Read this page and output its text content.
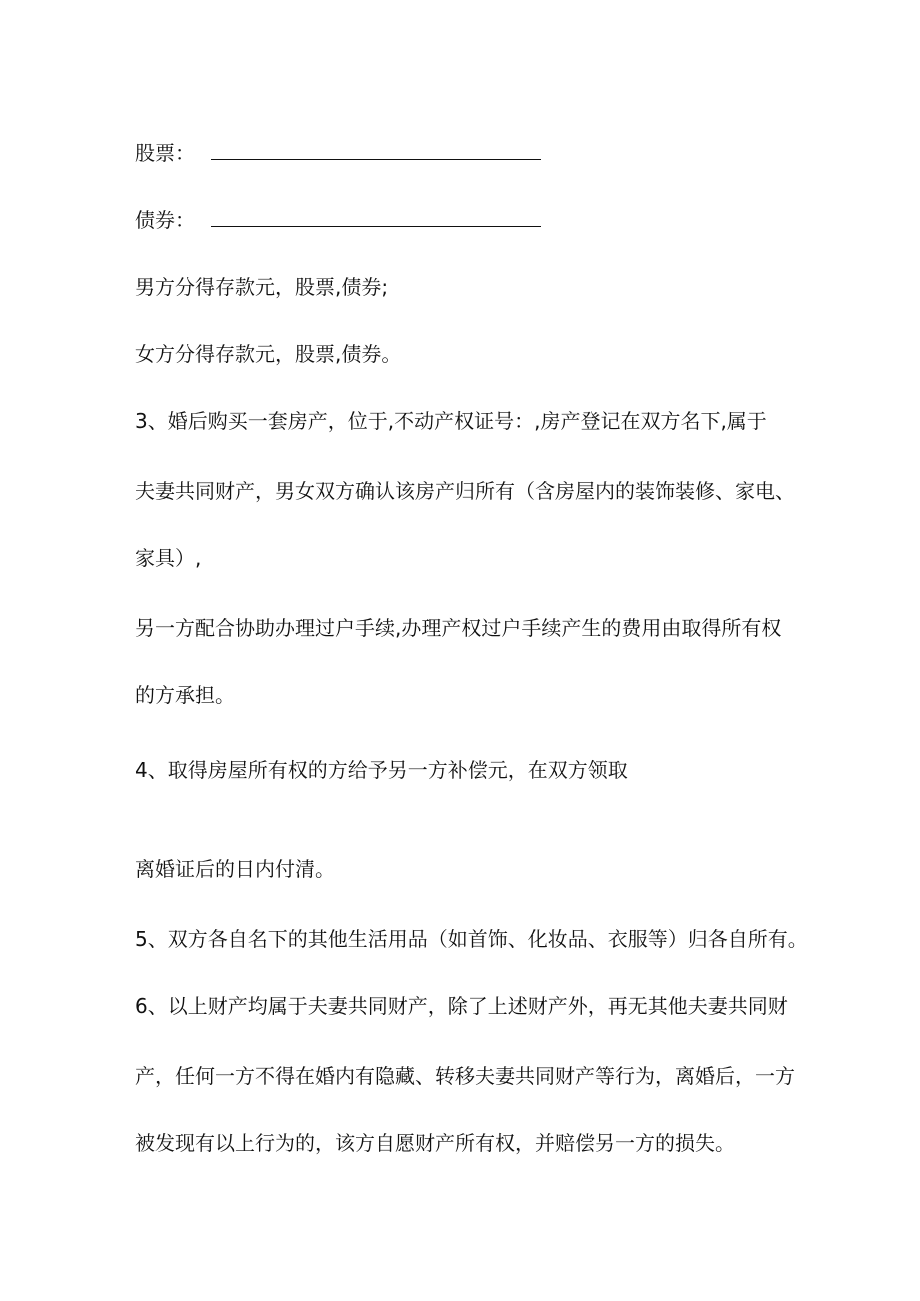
股票：
债券：
男方分得存款元，股票,债券;
女方分得存款元，股票,债券。
3、婚后购买一套房产，位于,不动产权证号：,房产登记在双方名下,属于
夫妻共同财产，男女双方确认该房产归所有（含房屋内的装饰装修、家电、
家具）,
另一方配合协助办理过户手续,办理产权过户手续产生的费用由取得所有权
的方承担。
4、取得房屋所有权的方给予另一方补偿元，在双方领取
离婚证后的日内付清。
5、双方各自名下的其他生活用品（如首饰、化妆品、衣服等）归各自所有。
6、以上财产均属于夫妻共同财产，除了上述财产外，再无其他夫妻共同财
产，任何一方不得在婚内有隐藏、转移夫妻共同财产等行为，离婚后，一方
被发现有以上行为的，该方自愿财产所有权，并赔偿另一方的损失。
